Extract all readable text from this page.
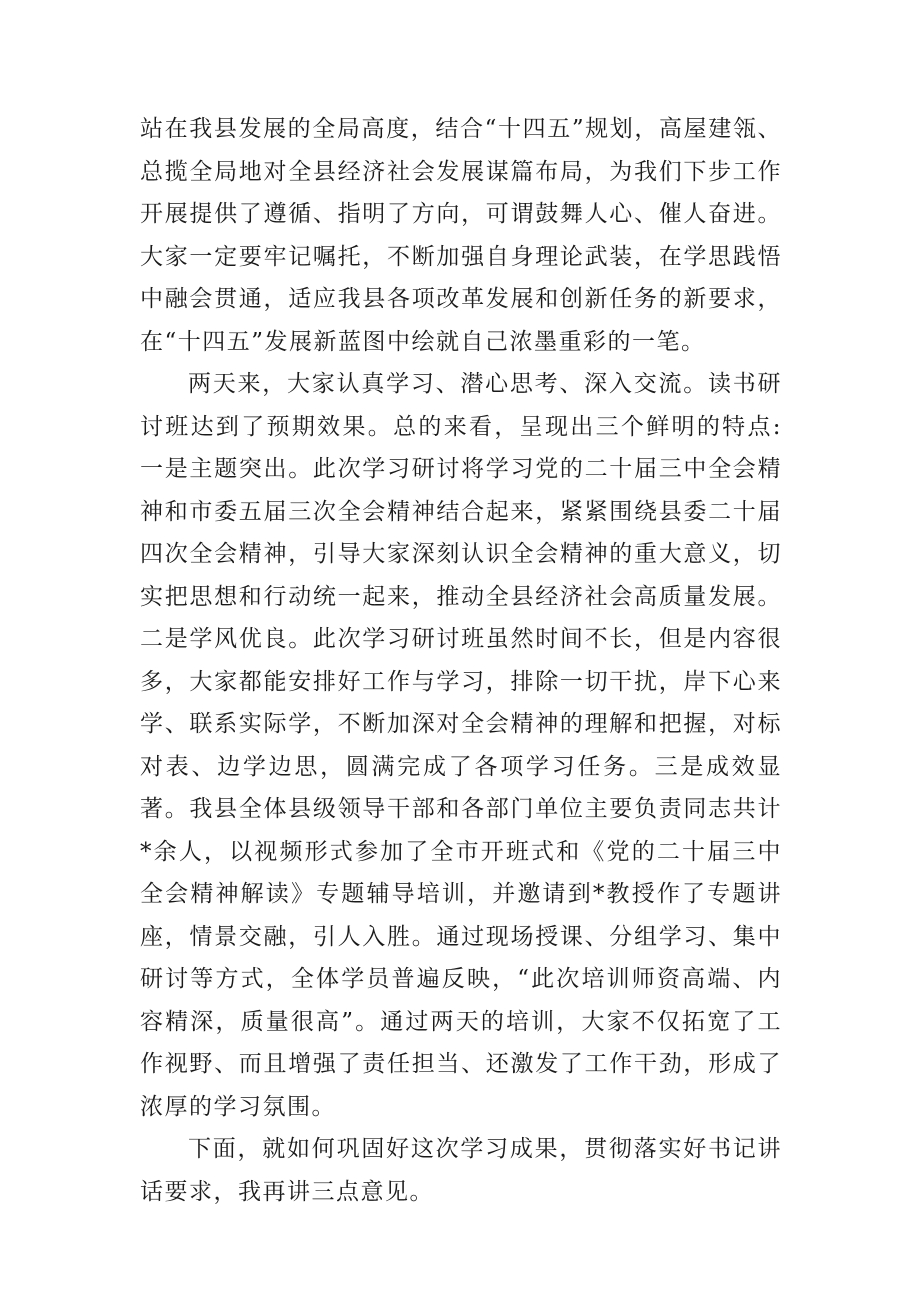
站在我县发展的全局高度，结合“十四五”规划，高屋建瓴、总揽全局地对全县经济社会发展谋篇布局，为我们下步工作开展提供了遵循、指明了方向，可谓鼓舞人心、催人奋进。大家一定要牢记嘱托，不断加强自身理论武装，在学思践悟中融会贯通，适应我县各项改革发展和创新任务的新要求，在“十四五”发展新蓝图中绘就自己浓墨重彩的一笔。

两天来，大家认真学习、潜心思考、深入交流。读书研讨班达到了预期效果。总的来看，呈现出三个鲜明的特点:一是主题突出。此次学习研讨将学习党的二十届三中全会精神和市委五届三次全会精神结合起来，紧紧围绕县委二十届四次全会精神，引导大家深刻认识全会精神的重大意义，切实把思想和行动统一起来，推动全县经济社会高质量发展。二是学风优良。此次学习研讨班虽然时间不长，但是内容很多，大家都能安排好工作与学习，排除一切干扰，岸下心来学、联系实际学，不断加深对全会精神的理解和把握，对标对表、边学边思，圆满完成了各项学习任务。三是成效显著。我县全体县级领导干部和各部门单位主要负责同志共计*余人，以视频形式参加了全市开班式和《党的二十届三中全会精神解读》专题辅导培训，并邀请到*教授作了专题讲座，情景交融，引人入胜。通过现场授课、分组学习、集中研讨等方式，全体学员普遍反映，“此次培训师资高端、内容精深，质量很高”。通过两天的培训，大家不仅拓宽了工作视野、而且增强了责任担当、还激发了工作干劲，形成了浓厚的学习氛围。

下面，就如何巩固好这次学习成果，贯彻落实好书记讲话要求，我再讲三点意见。
